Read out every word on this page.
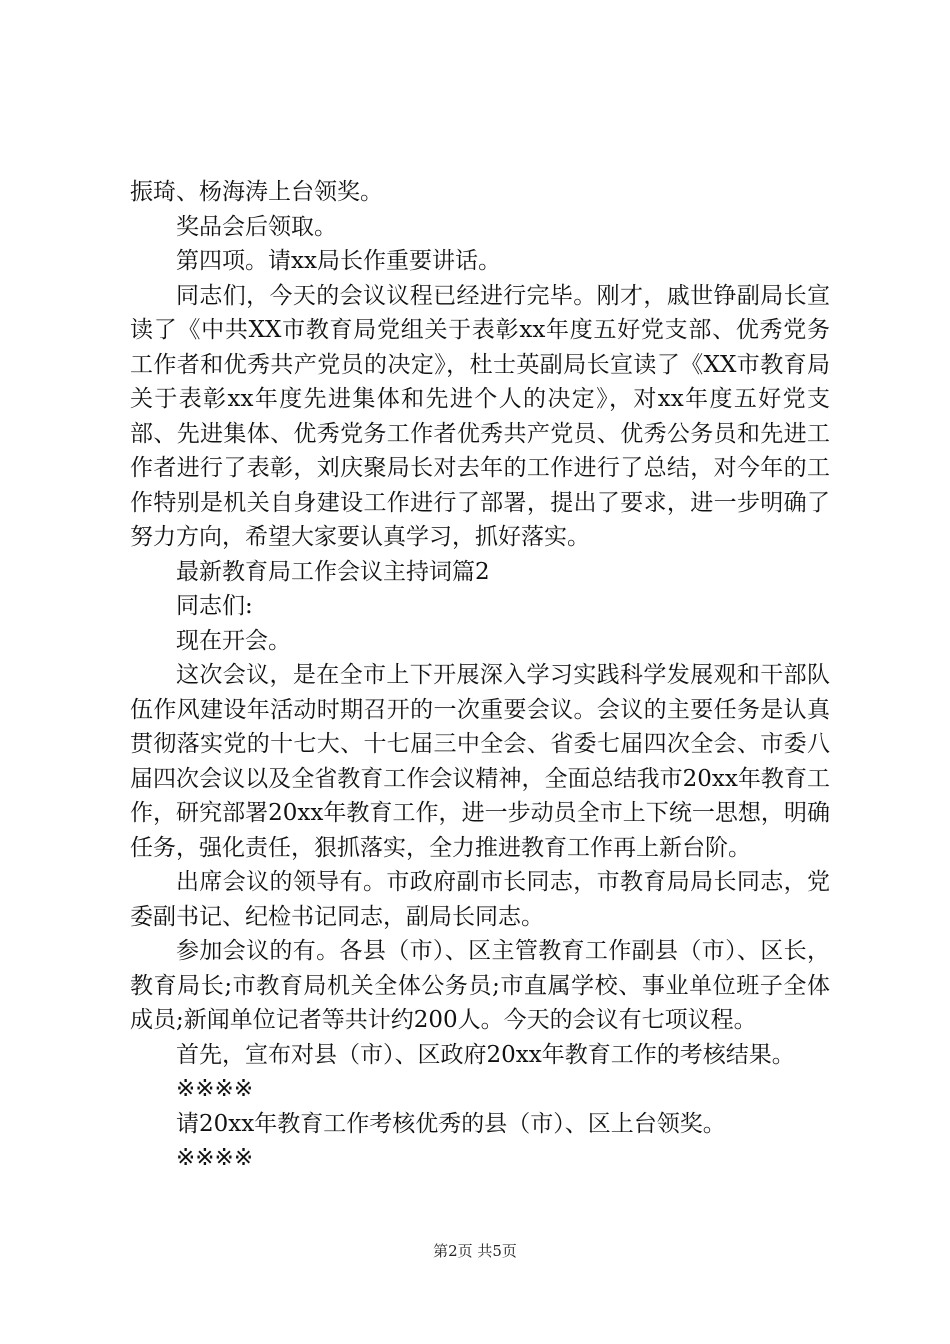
振琦、杨海涛上台领奖。

奖品会后领取。

第四项。请xx局长作重要讲话。

同志们，今天的会议议程已经进行完毕。刚才，戚世铮副局长宣读了《中共XX市教育局党组关于表彰xx年度五好党支部、优秀党务工作者和优秀共产党员的决定》，杜士英副局长宣读了《XX市教育局关于表彰xx年度先进集体和先进个人的决定》，对xx年度五好党支部、先进集体、优秀党务工作者优秀共产党员、优秀公务员和先进工作者进行了表彰，刘庆聚局长对去年的工作进行了总结，对今年的工作特别是机关自身建设工作进行了部署，提出了要求，进一步明确了努力方向，希望大家要认真学习，抓好落实。

最新教育局工作会议主持词篇2

同志们:

现在开会。

这次会议，是在全市上下开展深入学习实践科学发展观和干部队伍作风建设年活动时期召开的一次重要会议。会议的主要任务是认真贯彻落实党的十七大、十七届三中全会、省委七届四次全会、市委八届四次会议以及全省教育工作会议精神，全面总结我市20xx年教育工作，研究部署20xx年教育工作，进一步动员全市上下统一思想，明确任务，强化责任，狠抓落实，全力推进教育工作再上新台阶。

出席会议的领导有。市政府副市长同志，市教育局局长同志，党委副书记、纪检书记同志，副局长同志。

参加会议的有。各县（市）、区主管教育工作副县（市）、区长，教育局长;市教育局机关全体公务员;市直属学校、事业单位班子全体成员;新闻单位记者等共计约200人。今天的会议有七项议程。

首先，宣布对县（市）、区政府20xx年教育工作的考核结果。

※※※※

请20xx年教育工作考核优秀的县（市）、区上台领奖。

※※※※

第2页 共5页
